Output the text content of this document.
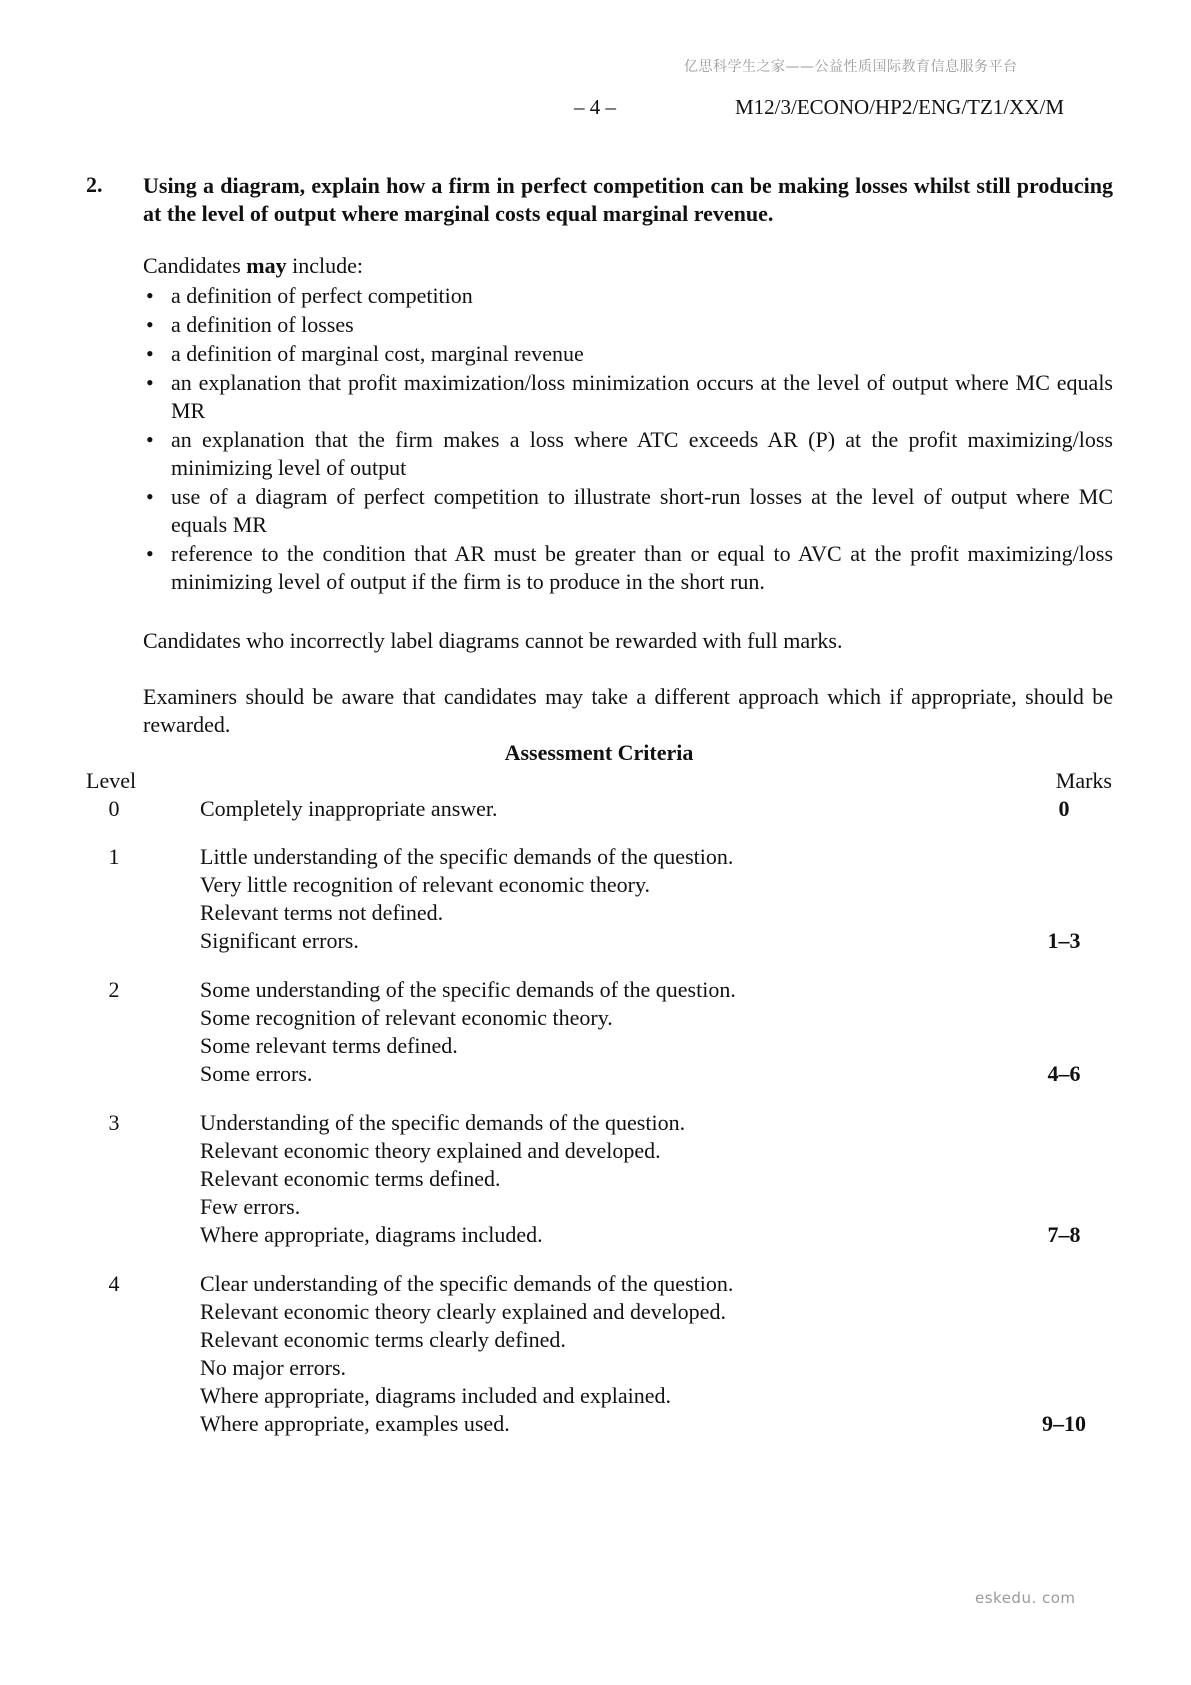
亿思科学生之家——公益性质国际教育信息服务平台
– 4 –	M12/3/ECONO/HP2/ENG/TZ1/XX/M
2. Using a diagram, explain how a firm in perfect competition can be making losses whilst still producing at the level of output where marginal costs equal marginal revenue.
Candidates may include:
• a definition of perfect competition
• a definition of losses
• a definition of marginal cost, marginal revenue
• an explanation that profit maximization/loss minimization occurs at the level of output where MC equals MR
• an explanation that the firm makes a loss where ATC exceeds AR (P) at the profit maximizing/loss minimizing level of output
• use of a diagram of perfect competition to illustrate short-run losses at the level of output where MC equals MR
• reference to the condition that AR must be greater than or equal to AVC at the profit maximizing/loss minimizing level of output if the firm is to produce in the short run.
Candidates who incorrectly label diagrams cannot be rewarded with full marks.
Examiners should be aware that candidates may take a different approach which if appropriate, should be rewarded.
Assessment Criteria
Level	Marks
0	Completely inappropriate answer.	0
1	Little understanding of the specific demands of the question.
Very little recognition of relevant economic theory.
Relevant terms not defined.
Significant errors.	1–3
2	Some understanding of the specific demands of the question.
Some recognition of relevant economic theory.
Some relevant terms defined.
Some errors.	4–6
3	Understanding of the specific demands of the question.
Relevant economic theory explained and developed.
Relevant economic terms defined.
Few errors.
Where appropriate, diagrams included.	7–8
4	Clear understanding of the specific demands of the question.
Relevant economic theory clearly explained and developed.
Relevant economic terms clearly defined.
No major errors.
Where appropriate, diagrams included and explained.
Where appropriate, examples used.	9–10
eskedu. com
